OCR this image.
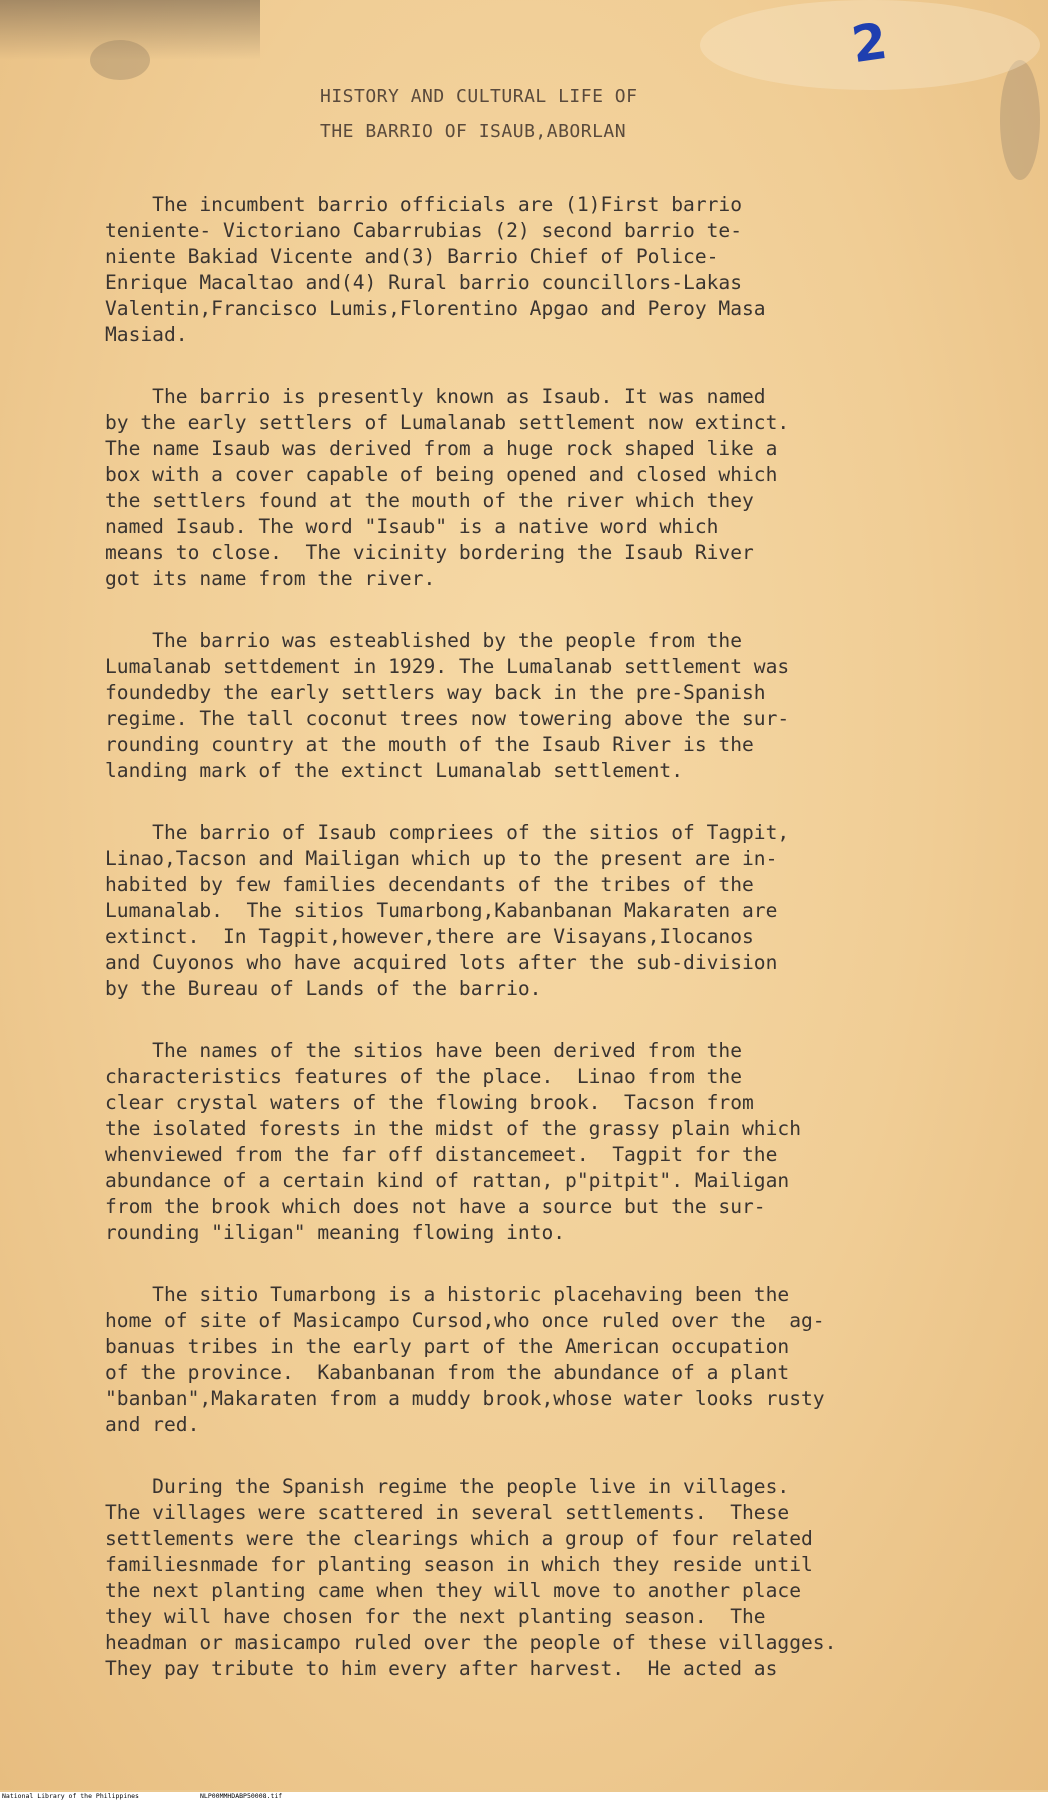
2
HISTORY AND CULTURAL LIFE OF
THE BARRIO OF ISAUB,ABORLAN

The incumbent barrio officials are (1)First barrio
teniente- Victoriano Cabarrubias (2) second barrio te-
niente Bakiad Vicente and(3) Barrio Chief of Police-
Enrique Macaltao and(4) Rural barrio councillors-Lakas
Valentin,Francisco Lumis,Florentino Apgao and Peroy Masa
Masiad.

The barrio is presently known as Isaub. It was named
by the early settlers of Lumalanab settlement now extinct.
The name Isaub was derived from a huge rock shaped like a
box with a cover capable of being opened and closed which
the settlers found at the mouth of the river which they
named Isaub. The word "Isaub" is a native word which
means to close.  The vicinity bordering the Isaub River
got its name from the river.

The barrio was esteablished by the people from the
Lumalanab settdement in 1929. The Lumalanab settlement was
foundedby the early settlers way back in the pre-Spanish
regime. The tall coconut trees now towering above the sur-
rounding country at the mouth of the Isaub River is the
landing mark of the extinct Lumanalab settlement.

The barrio of Isaub compriees of the sitios of Tagpit,
Linao,Tacson and Mailigan which up to the present are in-
habited by few families decendants of the tribes of the
Lumanalab.  The sitios Tumarbong,Kabanbanan Makaraten are
extinct.  In Tagpit,however,there are Visayans,Ilocanos
and Cuyonos who have acquired lots after the sub-division
by the Bureau of Lands of the barrio.

The names of the sitios have been derived from the
characteristics features of the place.  Linao from the
clear crystal waters of the flowing brook.  Tacson from
the isolated forests in the midst of the grassy plain which
whenviewed from the far off distancemeet.  Tagpit for the
abundance of a certain kind of rattan, p"pitpit". Mailigan
from the brook which does not have a source but the sur-
rounding "iligan" meaning flowing into.

The sitio Tumarbong is a historic placehaving been the
home of site of Masicampo Cursod,who once ruled over the  ag-
banuas tribes in the early part of the American occupation
of the province.  Kabanbanan from the abundance of a plant
"banban",Makaraten from a muddy brook,whose water looks rusty
and red.

During the Spanish regime the people live in villages.
The villages were scattered in several settlements.  These
settlements were the clearings which a group of four related
familiesnmade for planting season in which they reside until
the next planting came when they will move to another place
they will have chosen for the next planting season.  The
headman or masicampo ruled over the people of these villagges.
They pay tribute to him every after harvest.  He acted as

National Library of the Philippines	NLP00MMHDABP50008.tif
